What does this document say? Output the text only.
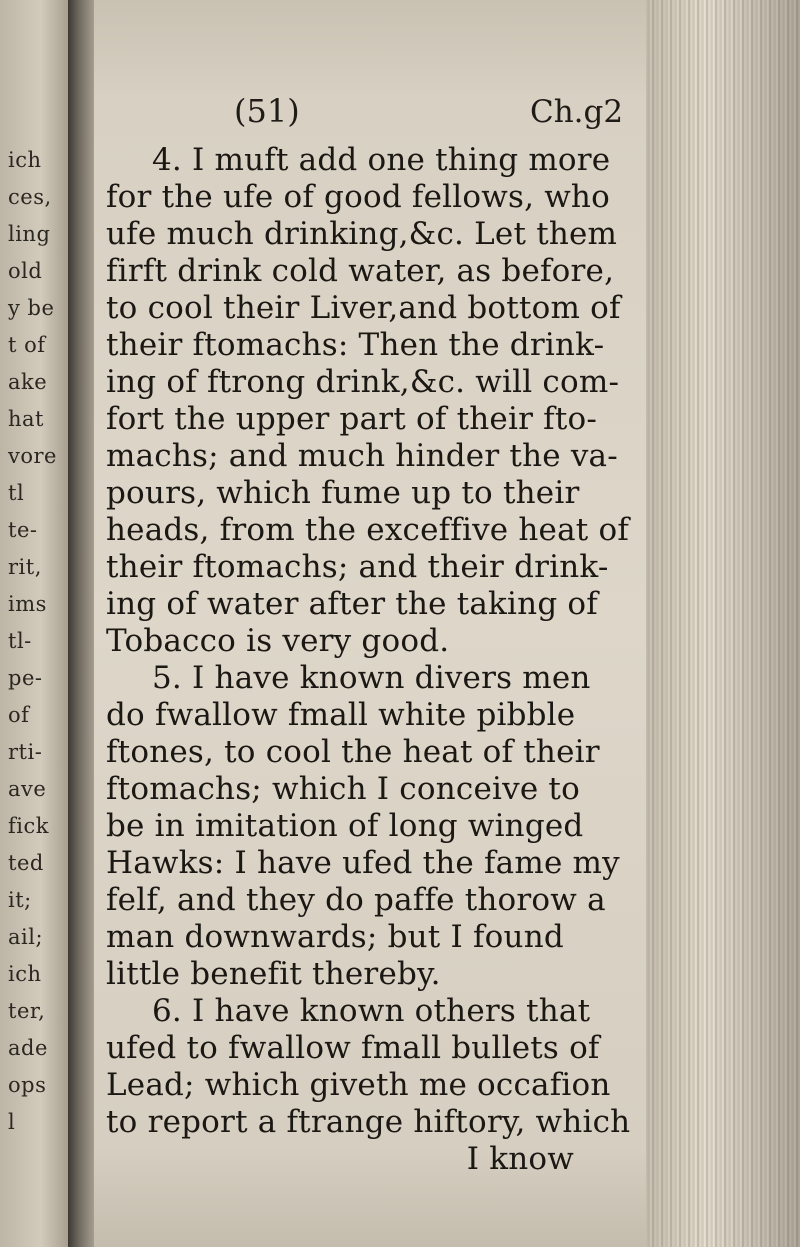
ich
ces,
ling
old
y be
t of
ake
hat
vore
tl
te-
rit,
ims
tl-
pe-
of
rti-
ave
fick
ted
it;
ail;
ich
ter,
ade
ops
l
(51)	Ch.g2
4. I muft add one thing more
for the ufe of good fellows, who
ufe much drinking,&c. Let them
firft drink cold water, as before,
to cool their Liver,and bottom of
their ftomachs: Then the drink-
ing of ftrong drink,&c. will com-
fort the upper part of their fto-
machs; and much hinder the va-
pours, which fume up to their
heads, from the exceffive heat of
their ftomachs; and their drink-
ing of water after the taking of
Tobacco is very good.
5. I have known divers men
do fwallow fmall white pibble
ftones, to cool the heat of their
ftomachs; which I conceive to
be in imitation of long winged
Hawks: I have ufed the fame my
felf, and they do paffe thorow a
man downwards; but I found
little benefit thereby.
6. I have known others that
ufed to fwallow fmall bullets of
Lead; which giveth me occafion
to report a ftrange hiftory, which
I know
